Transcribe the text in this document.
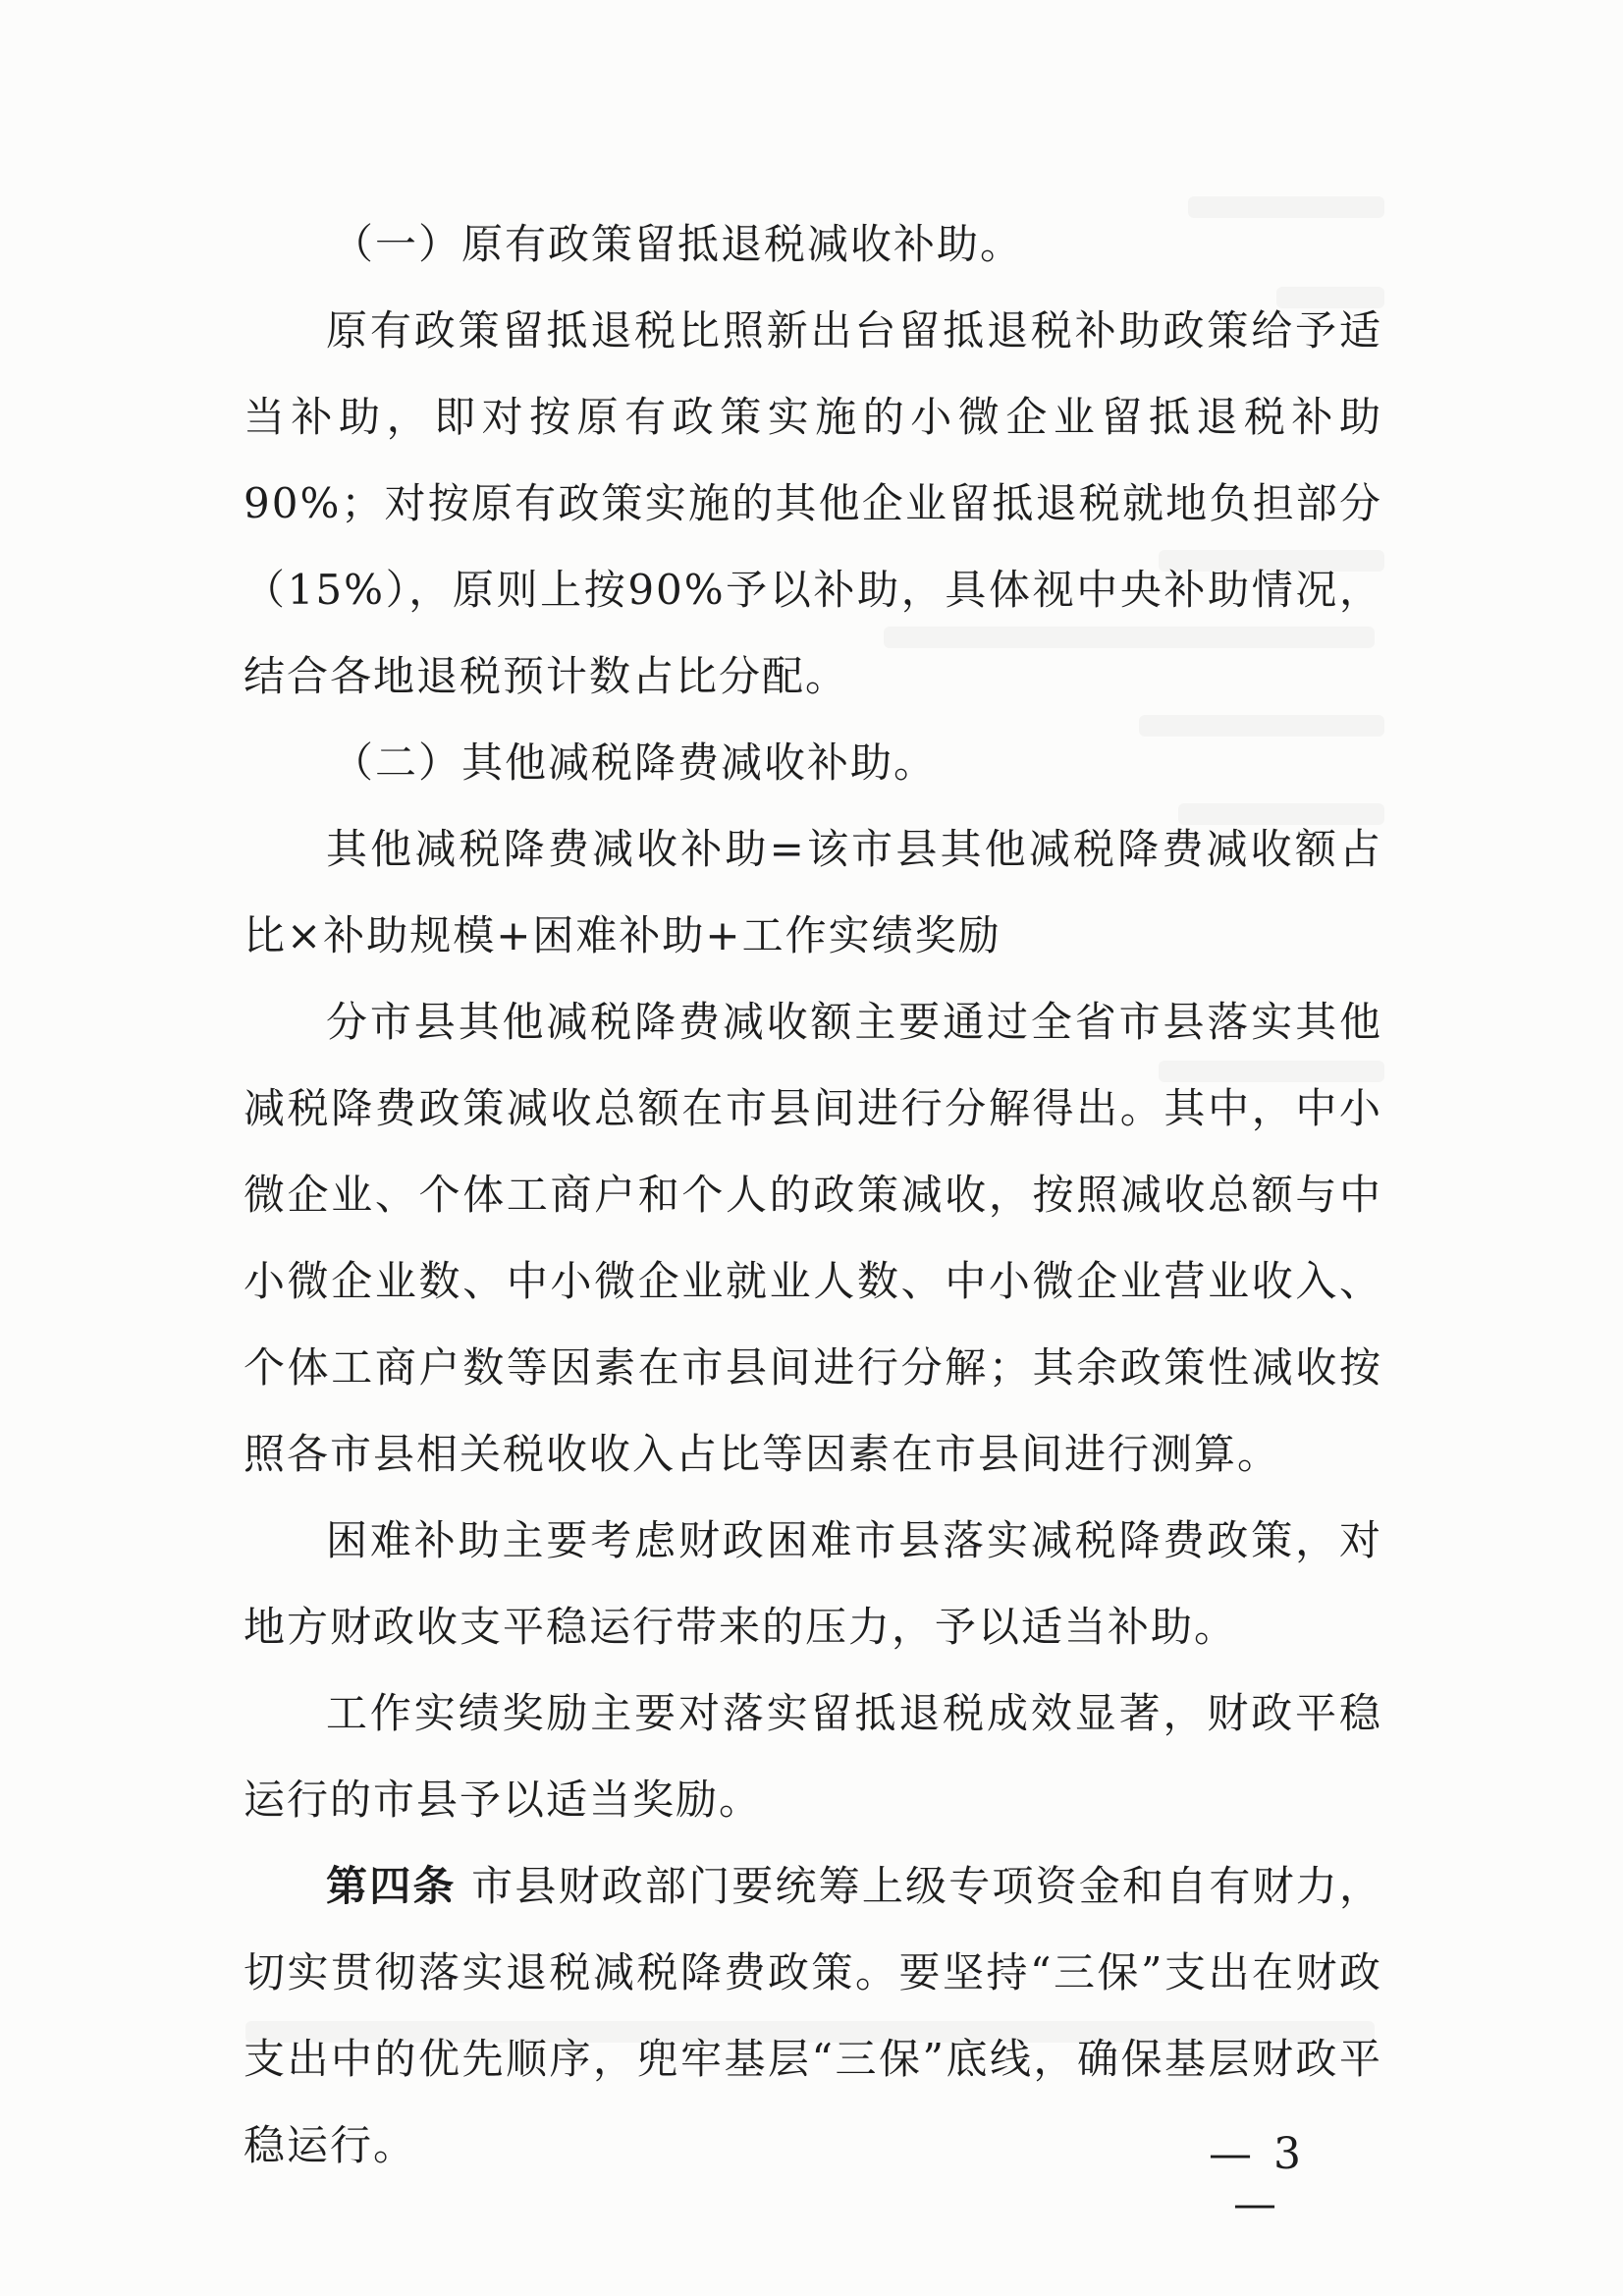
（一）原有政策留抵退税减收补助。

原有政策留抵退税比照新出台留抵退税补助政策给予适当补助，即对按原有政策实施的小微企业留抵退税补助90%；对按原有政策实施的其他企业留抵退税就地负担部分（15%），原则上按90%予以补助，具体视中央补助情况，结合各地退税预计数占比分配。

（二）其他减税降费减收补助。

其他减税降费减收补助=该市县其他减税降费减收额占比×补助规模+困难补助+工作实绩奖励

分市县其他减税降费减收额主要通过全省市县落实其他减税降费政策减收总额在市县间进行分解得出。其中，中小微企业、个体工商户和个人的政策减收，按照减收总额与中小微企业数、中小微企业就业人数、中小微企业营业收入、个体工商户数等因素在市县间进行分解；其余政策性减收按照各市县相关税收收入占比等因素在市县间进行测算。

困难补助主要考虑财政困难市县落实减税降费政策，对地方财政收支平稳运行带来的压力，予以适当补助。

工作实绩奖励主要对落实留抵退税成效显著，财政平稳运行的市县予以适当奖励。

第四条 市县财政部门要统筹上级专项资金和自有财力，切实贯彻落实退税减税降费政策。要坚持“三保”支出在财政支出中的优先顺序，兜牢基层“三保”底线，确保基层财政平稳运行。	— 3 —
